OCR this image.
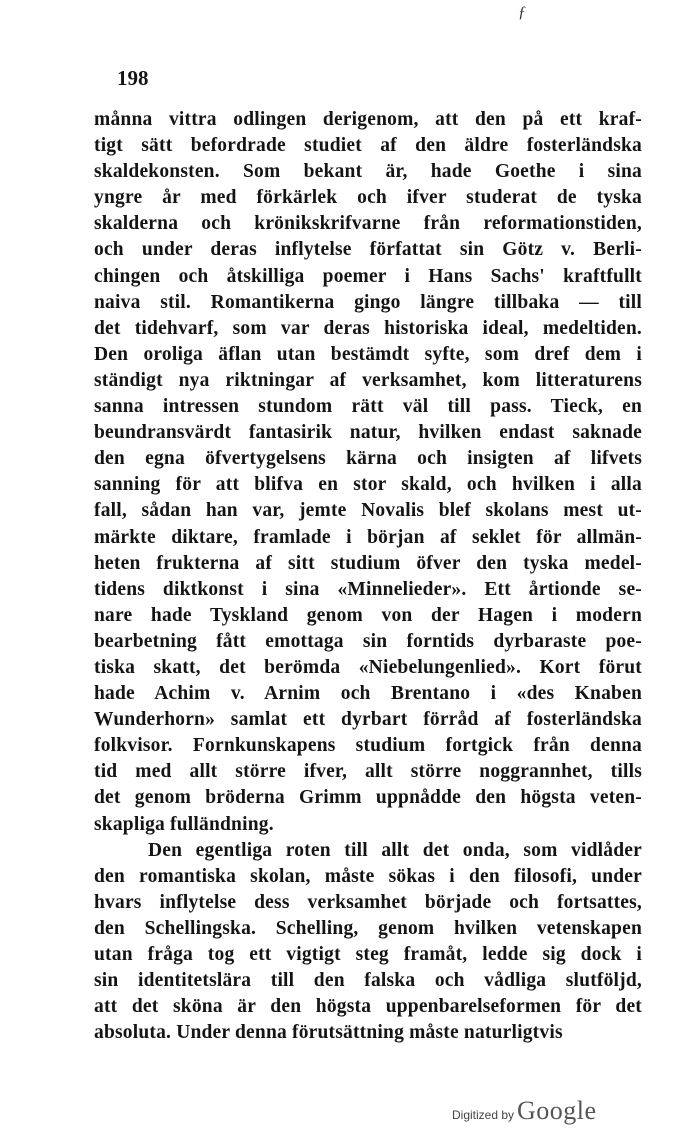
ƒ
198
månna vittra odlingen derigenom, att den på ett kraf-
tigt sätt befordrade studiet af den äldre fosterländska
skaldekonsten. Som bekant är, hade Goethe i sina
yngre år med förkärlek och ifver studerat de tyska
skalderna och krönikskrifvarne från reformationstiden,
och under deras inflytelse författat sin Götz v. Berli-
chingen och åtskilliga poemer i Hans Sachs' kraftfullt
naiva stil. Romantikerna gingo längre tillbaka — till
det tidehvarf, som var deras historiska ideal, medeltiden.
Den oroliga äflan utan bestämdt syfte, som dref dem i
ständigt nya riktningar af verksamhet, kom litteraturens
sanna intressen stundom rätt väl till pass. Tieck, en
beundransvärdt fantasirik natur, hvilken endast saknade
den egna öfvertygelsens kärna och insigten af lifvets
sanning för att blifva en stor skald, och hvilken i alla
fall, sådan han var, jemte Novalis blef skolans mest ut-
märkte diktare, framlade i början af seklet för allmän-
heten frukterna af sitt studium öfver den tyska medel-
tidens diktkonst i sina «Minnelieder». Ett årtionde se-
nare hade Tyskland genom von der Hagen i modern
bearbetning fått emottaga sin forntids dyrbaraste poe-
tiska skatt, det berömda «Niebelungenlied». Kort förut
hade Achim v. Arnim och Brentano i «des Knaben
Wunderhorn» samlat ett dyrbart förråd af fosterländska
folkvisor. Fornkunskapens studium fortgick från denna
tid med allt större ifver, allt större noggrannhet, tills
det genom bröderna Grimm uppnådde den högsta veten-
skapliga fulländning.
Den egentliga roten till allt det onda, som vidlåder
den romantiska skolan, måste sökas i den filosofi, under
hvars inflytelse dess verksamhet började och fortsattes,
den Schellingska. Schelling, genom hvilken vetenskapen
utan fråga tog ett vigtigt steg framåt, ledde sig dock i
sin identitetslära till den falska och vådliga slutföljd,
att det sköna är den högsta uppenbarelseformen för det
absoluta. Under denna förutsättning måste naturligtvis
Digitized by Google
